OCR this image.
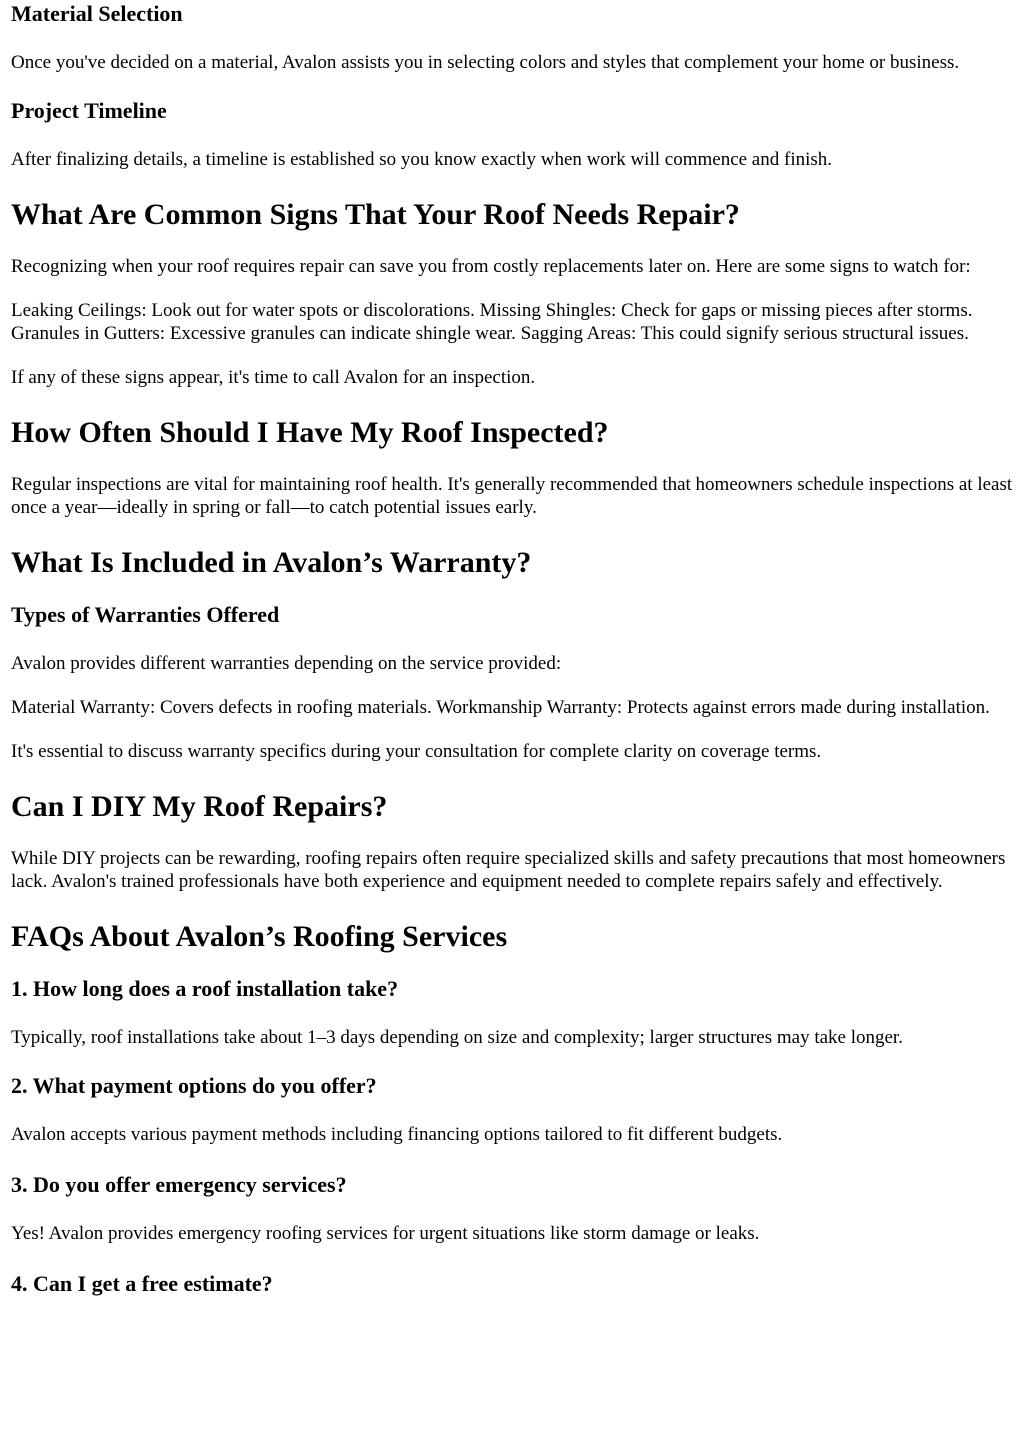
Material Selection

Once you've decided on a material, Avalon assists you in selecting colors and styles that complement your home or business.

Project Timeline

After finalizing details, a timeline is established so you know exactly when work will commence and finish.

What Are Common Signs That Your Roof Needs Repair?

Recognizing when your roof requires repair can save you from costly replacements later on. Here are some signs to watch for:

Leaking Ceilings: Look out for water spots or discolorations. Missing Shingles: Check for gaps or missing pieces after storms. Granules in Gutters: Excessive granules can indicate shingle wear. Sagging Areas: This could signify serious structural issues.

If any of these signs appear, it's time to call Avalon for an inspection.

How Often Should I Have My Roof Inspected?

Regular inspections are vital for maintaining roof health. It's generally recommended that homeowners schedule inspections at least once a year—ideally in spring or fall—to catch potential issues early.

What Is Included in Avalon’s Warranty?
Types of Warranties Offered

Avalon provides different warranties depending on the service provided:

Material Warranty: Covers defects in roofing materials. Workmanship Warranty: Protects against errors made during installation.

It's essential to discuss warranty specifics during your consultation for complete clarity on coverage terms.

Can I DIY My Roof Repairs?

While DIY projects can be rewarding, roofing repairs often require specialized skills and safety precautions that most homeowners lack. Avalon's trained professionals have both experience and equipment needed to complete repairs safely and effectively.

FAQs About Avalon’s Roofing Services
1. How long does a roof installation take?

Typically, roof installations take about 1–3 days depending on size and complexity; larger structures may take longer.

2. What payment options do you offer?

Avalon accepts various payment methods including financing options tailored to fit different budgets.

3. Do you offer emergency services?

Yes! Avalon provides emergency roofing services for urgent situations like storm damage or leaks.

4. Can I get a free estimate?
